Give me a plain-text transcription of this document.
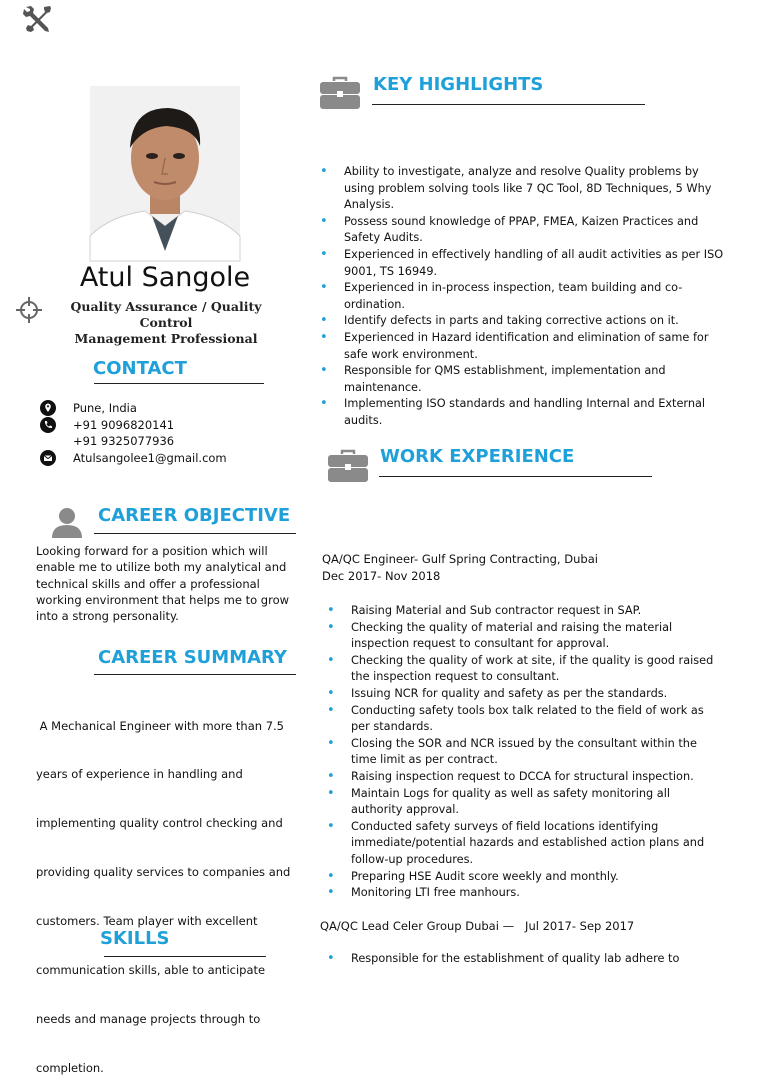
Atul Sangole
Quality Assurance / Quality Control
Management Professional
CONTACT
Pune, India
+91 9096820141
+91 9325077936
Atulsangolee1@gmail.com
CAREER OBJECTIVE
Looking forward for a position which will
enable me to utilize both my analytical and
technical skills and offer a professional
working environment that helps me to grow
into a strong personality.
CAREER SUMMARY

A Mechanical Engineer with more than 7.5

years of experience in handling and

implementing quality control checking and

providing quality services to companies and

customers. Team player with excellent

communication skills, able to anticipate

needs and manage projects through to

completion.

SKILLS
KEY HIGHLIGHTS
• Ability to investigate, analyze and resolve Quality problems by
using problem solving tools like 7 QC Tool, 8D Techniques, 5 Why
Analysis.
• Possess sound knowledge of PPAP, FMEA, Kaizen Practices and
Safety Audits.
• Experienced in effectively handling of all audit activities as per ISO
9001, TS 16949.
• Experienced in in-process inspection, team building and co-
ordination.
• Identify defects in parts and taking corrective actions on it.
• Experienced in Hazard identification and elimination of same for
safe work environment.
• Responsible for QMS establishment, implementation and
maintenance.
• Implementing ISO standards and handling Internal and External
audits.
WORK EXPERIENCE
QA/QC Engineer- Gulf Spring Contracting, Dubai
Dec 2017- Nov 2018
• Raising Material and Sub contractor request in SAP.
• Checking the quality of material and raising the material
inspection request to consultant for approval.
• Checking the quality of work at site, if the quality is good raised
the inspection request to consultant.
• Issuing NCR for quality and safety as per the standards.
• Conducting safety tools box talk related to the field of work as
per standards.
• Closing the SOR and NCR issued by the consultant within the
time limit as per contract.
• Raising inspection request to DCCA for structural inspection.
• Maintain Logs for quality as well as safety monitoring all
authority approval.
• Conducted safety surveys of field locations identifying
immediate/potential hazards and established action plans and
follow-up procedures.
• Preparing HSE Audit score weekly and monthly.
• Monitoring LTI free manhours.
QA/QC Lead Celer Group Dubai —   Jul 2017- Sep 2017
• Responsible for the establishment of quality lab adhere to
